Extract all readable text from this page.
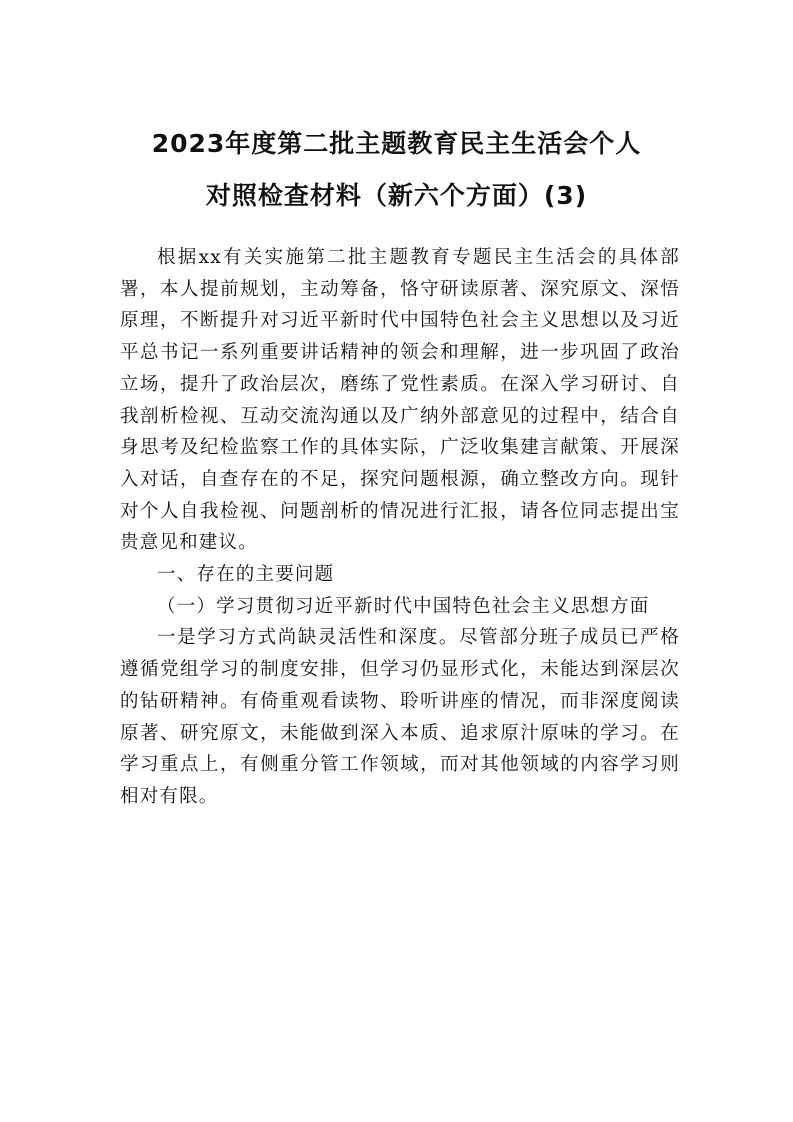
2023年度第二批主题教育民主生活会个人
对照检查材料（新六个方面）(3)

根据xx有关实施第二批主题教育专题民主生活会的具体部署，本人提前规划，主动筹备，恪守研读原著、深究原文、深悟原理，不断提升对习近平新时代中国特色社会主义思想以及习近平总书记一系列重要讲话精神的领会和理解，进一步巩固了政治立场，提升了政治层次，磨练了党性素质。在深入学习研讨、自我剖析检视、互动交流沟通以及广纳外部意见的过程中，结合自身思考及纪检监察工作的具体实际，广泛收集建言献策、开展深入对话，自查存在的不足，探究问题根源，确立整改方向。现针对个人自我检视、问题剖析的情况进行汇报，请各位同志提出宝贵意见和建议。

一、存在的主要问题

（一）学习贯彻习近平新时代中国特色社会主义思想方面

一是学习方式尚缺灵活性和深度。尽管部分班子成员已严格遵循党组学习的制度安排，但学习仍显形式化，未能达到深层次的钻研精神。有倚重观看读物、聆听讲座的情况，而非深度阅读原著、研究原文，未能做到深入本质、追求原汁原味的学习。在学习重点上，有侧重分管工作领域，而对其他领域的内容学习则相对有限。
